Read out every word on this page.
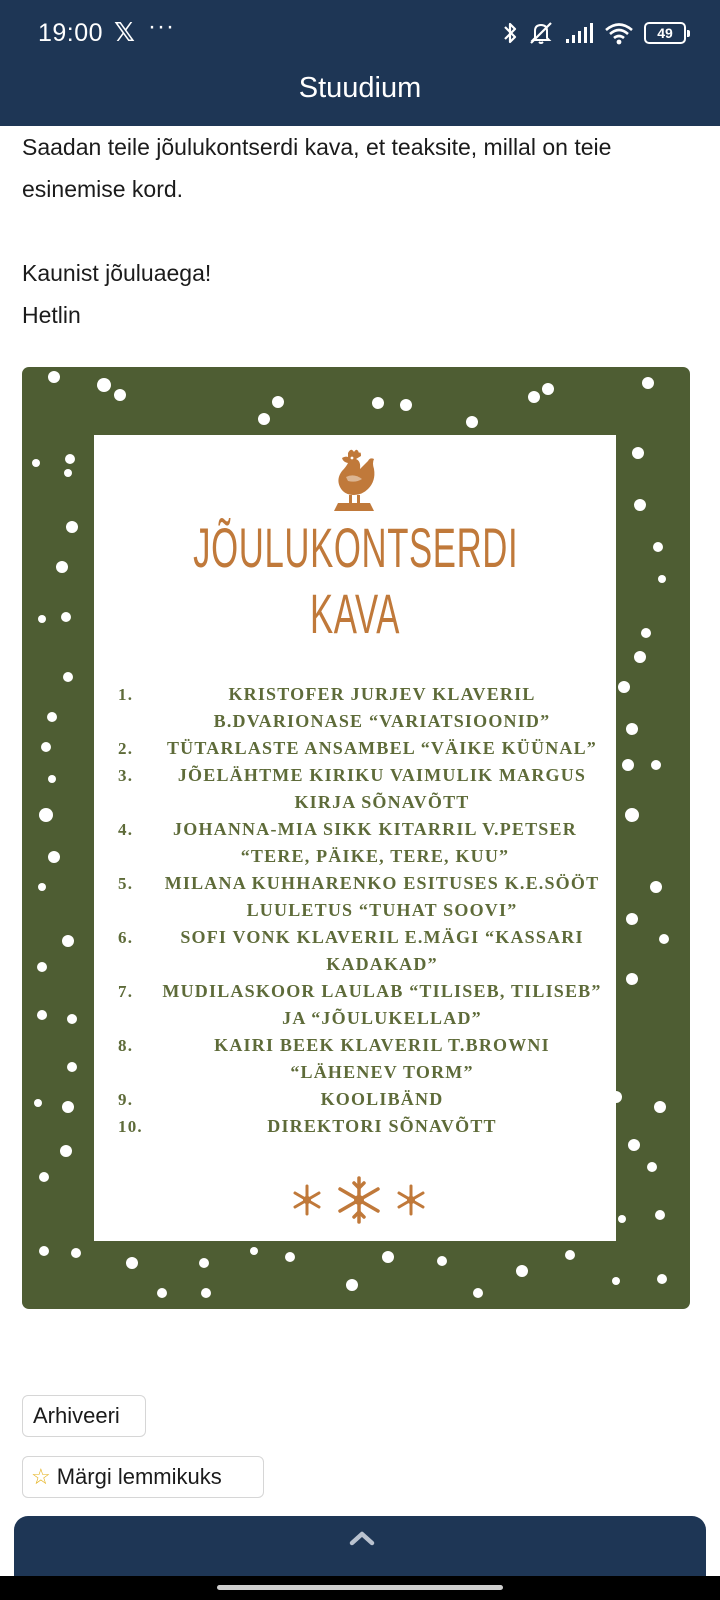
19:00 𝕏 ···	49
Stuudium

Saadan teile jõulukontserdi kava, et teaksite, millal on teie esinemise kord.

Kaunist jõuluaega!

Hetlin

JÕULUKONTSERDI
KAVA
1.	KRISTOFER JURJEV KLAVERIL B.DVARIONASE “VARIATSIOONID”
2.	TÜTARLASTE ANSAMBEL “VÄIKE KÜÜNAL”
3.	JÕELÄHTME KIRIKU VAIMULIK MARGUS KIRJA SÕNAVÕTT
4.	JOHANNA-MIA SIKK KITARRIL V.PETSER “TERE, PÄIKE, TERE, KUU”
5.	MILANA KUHHARENKO ESITUSES K.E.SÖÖT LUULETUS “TUHAT SOOVI”
6.	SOFI VONK KLAVERIL E.MÄGI “KASSARI KADAKAD”
7.	MUDILASKOOR LAULAB “TILISEB, TILISEB” JA “JÕULUKELLAD”
8.	KAIRI BEEK KLAVERIL T.BROWNI “LÄHENEV TORM”
9.	KOOLIBÄND
10.	DIREKTORI SÕNAVÕTT
Arhiveeri
☆ Märgi lemmikuks
